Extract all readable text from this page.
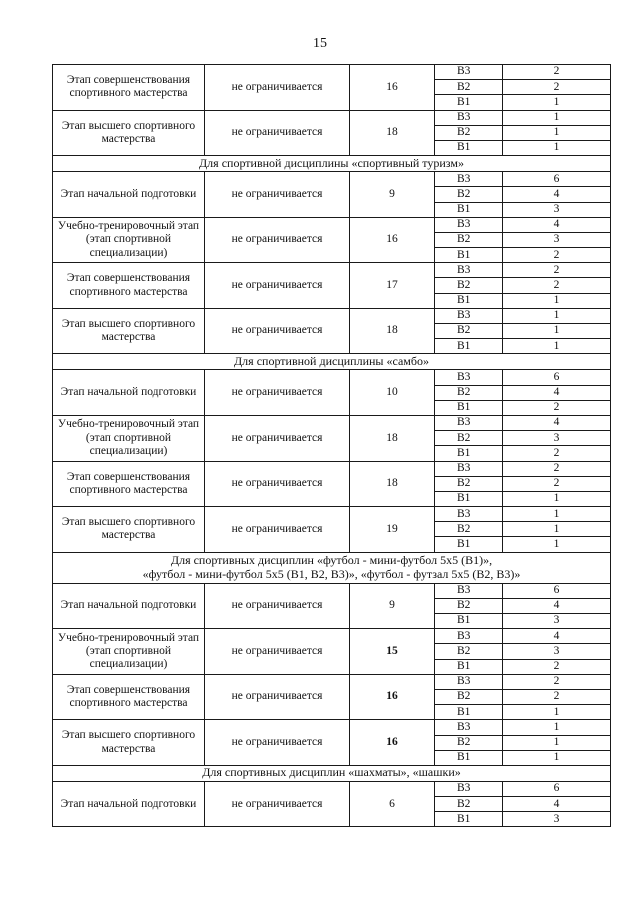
15
Этап совершенствования спортивного мастерства	не ограничивается	16	В3	2
			В2	2
			В1	1
Этап высшего спортивного мастерства	не ограничивается	18	В3	1
			В2	1
			В1	1
Для спортивной дисциплины «спортивный туризм»				
Этап начальной подготовки	не ограничивается	9	В3	6
			В2	4
			В1	3
Учебно-тренировочный этап (этап спортивной специализации)	не ограничивается	16	В3	4
			В2	3
			В1	2
Этап совершенствования спортивного мастерства	не ограничивается	17	В3	2
			В2	2
			В1	1
Этап высшего спортивного мастерства	не ограничивается	18	В3	1
			В2	1
			В1	1
Для спортивной дисциплины «самбо»				
Этап начальной подготовки	не ограничивается	10	В3	6
			В2	4
			В1	2
Учебно-тренировочный этап (этап спортивной специализации)	не ограничивается	18	В3	4
			В2	3
			В1	2
Этап совершенствования спортивного мастерства	не ограничивается	18	В3	2
			В2	2
			В1	1
Этап высшего спортивного мастерства	не ограничивается	19	В3	1
			В2	1
			В1	1
Для спортивных дисциплин «футбол - мини-футбол 5х5 (В1)»,
«футбол - мини-футбол 5х5 (В1, В2, В3)», «футбол - футзал 5х5 (В2, В3)»				
Этап начальной подготовки	не ограничивается	9	В3	6
			В2	4
			В1	3
Учебно-тренировочный этап (этап спортивной специализации)	не ограничивается	15	В3	4
			В2	3
			В1	2
Этап совершенствования спортивного мастерства	не ограничивается	16	В3	2
			В2	2
			В1	1
Этап высшего спортивного мастерства	не ограничивается	16	В3	1
			В2	1
			В1	1
Для спортивных дисциплин «шахматы», «шашки»				
Этап начальной подготовки	не ограничивается	6	В3	6
			В2	4
			В1	3
